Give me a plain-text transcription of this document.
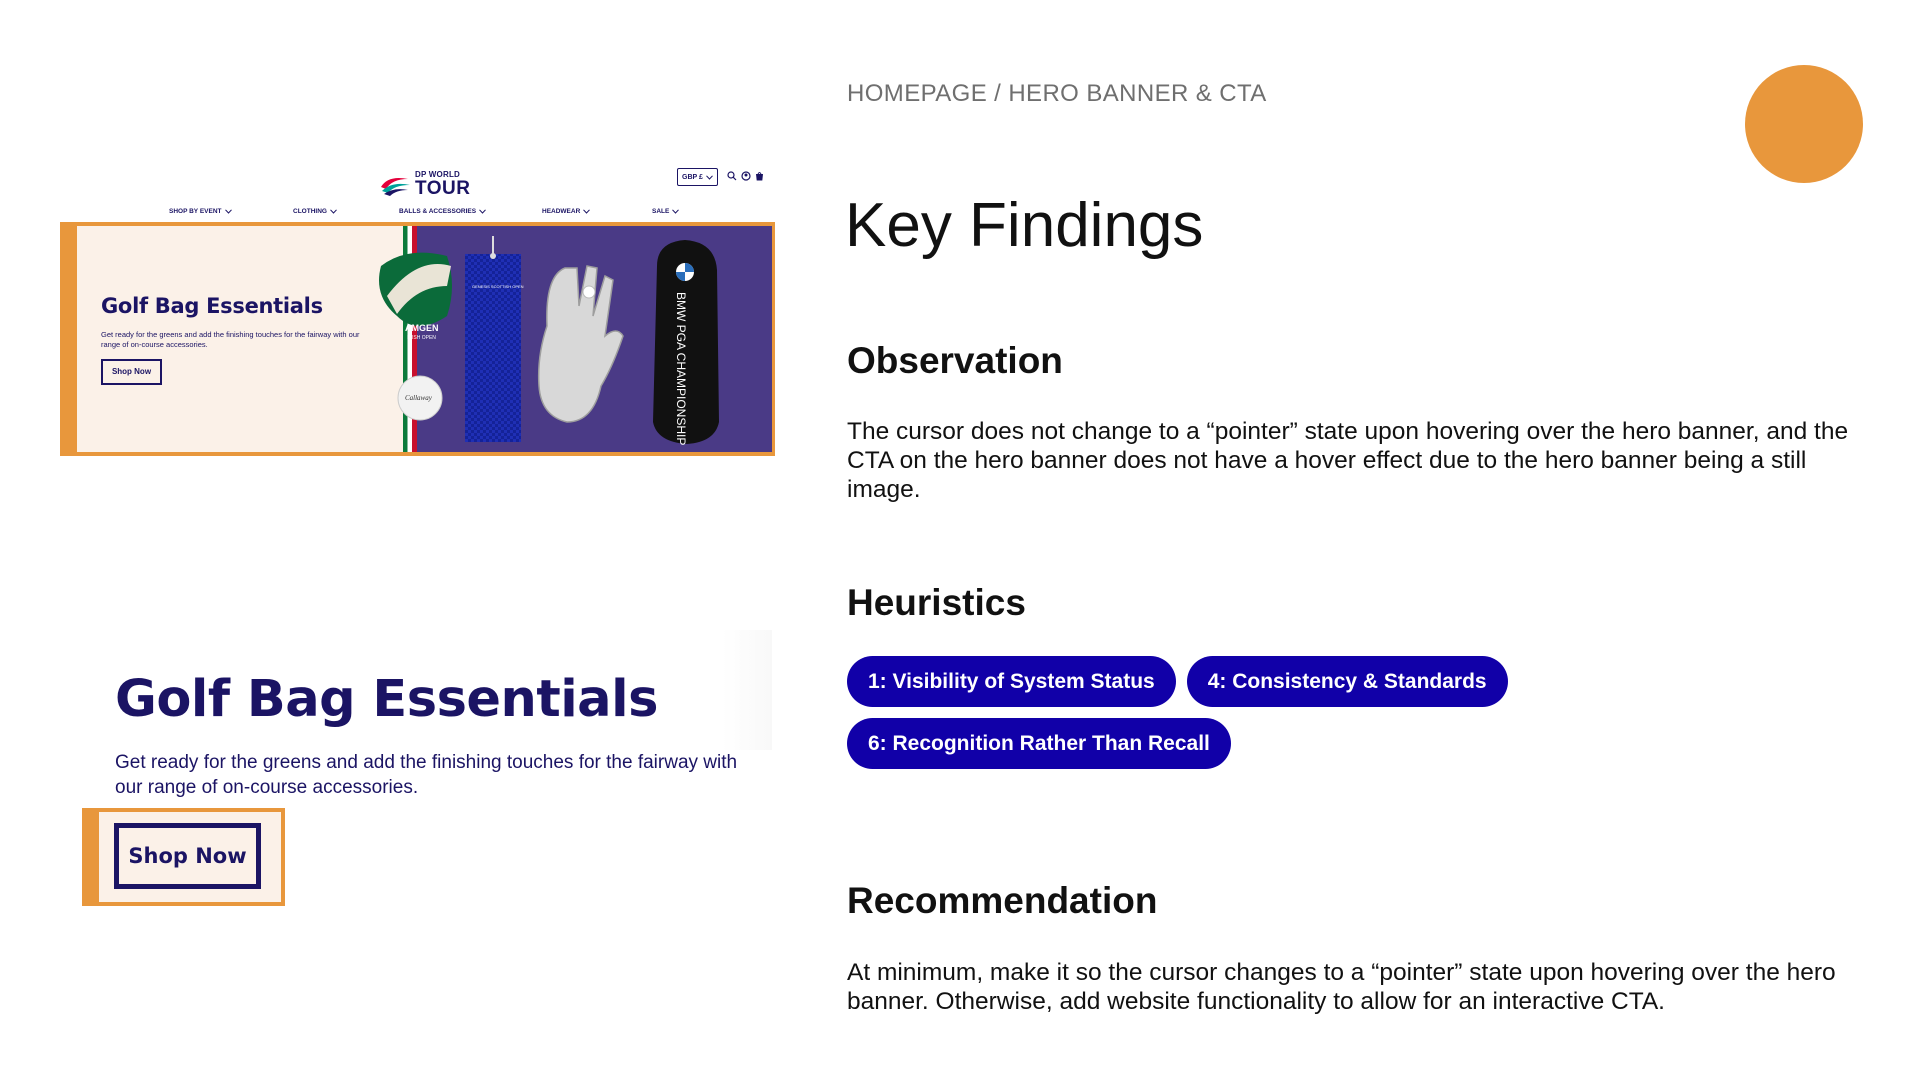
HOMEPAGE / HERO BANNER & CTA
Key Findings
Observation

The cursor does not change to a “pointer” state upon hovering over the hero banner, and the CTA on the hero banner does not have a hover effect due to the hero banner being a still image.

Heuristics
1: Visibility of System Status	4: Consistency & Standards
6: Recognition Rather Than Recall
Recommendation

At minimum, make it so the cursor changes to a “pointer” state upon hovering over the hero banner. Otherwise, add website functionality to allow for an interactive CTA.

DP WORLD
TOUR
GBP £
SHOP BY EVENT	CLOTHING	BALLS & ACCESSORIES	HEADWEAR	SALE
Golf Bag Essentials
Get ready for the greens and add the finishing touches for the fairway with our range of on-course accessories.
Shop Now
AMGEN
IRISH OPEN
Callaway
GENESIS SCOTTISH OPEN
BMW PGA CHAMPIONSHIP
Golf Bag Essentials
Get ready for the greens and add the finishing touches for the fairway with our range of on-course accessories.
Shop Now
